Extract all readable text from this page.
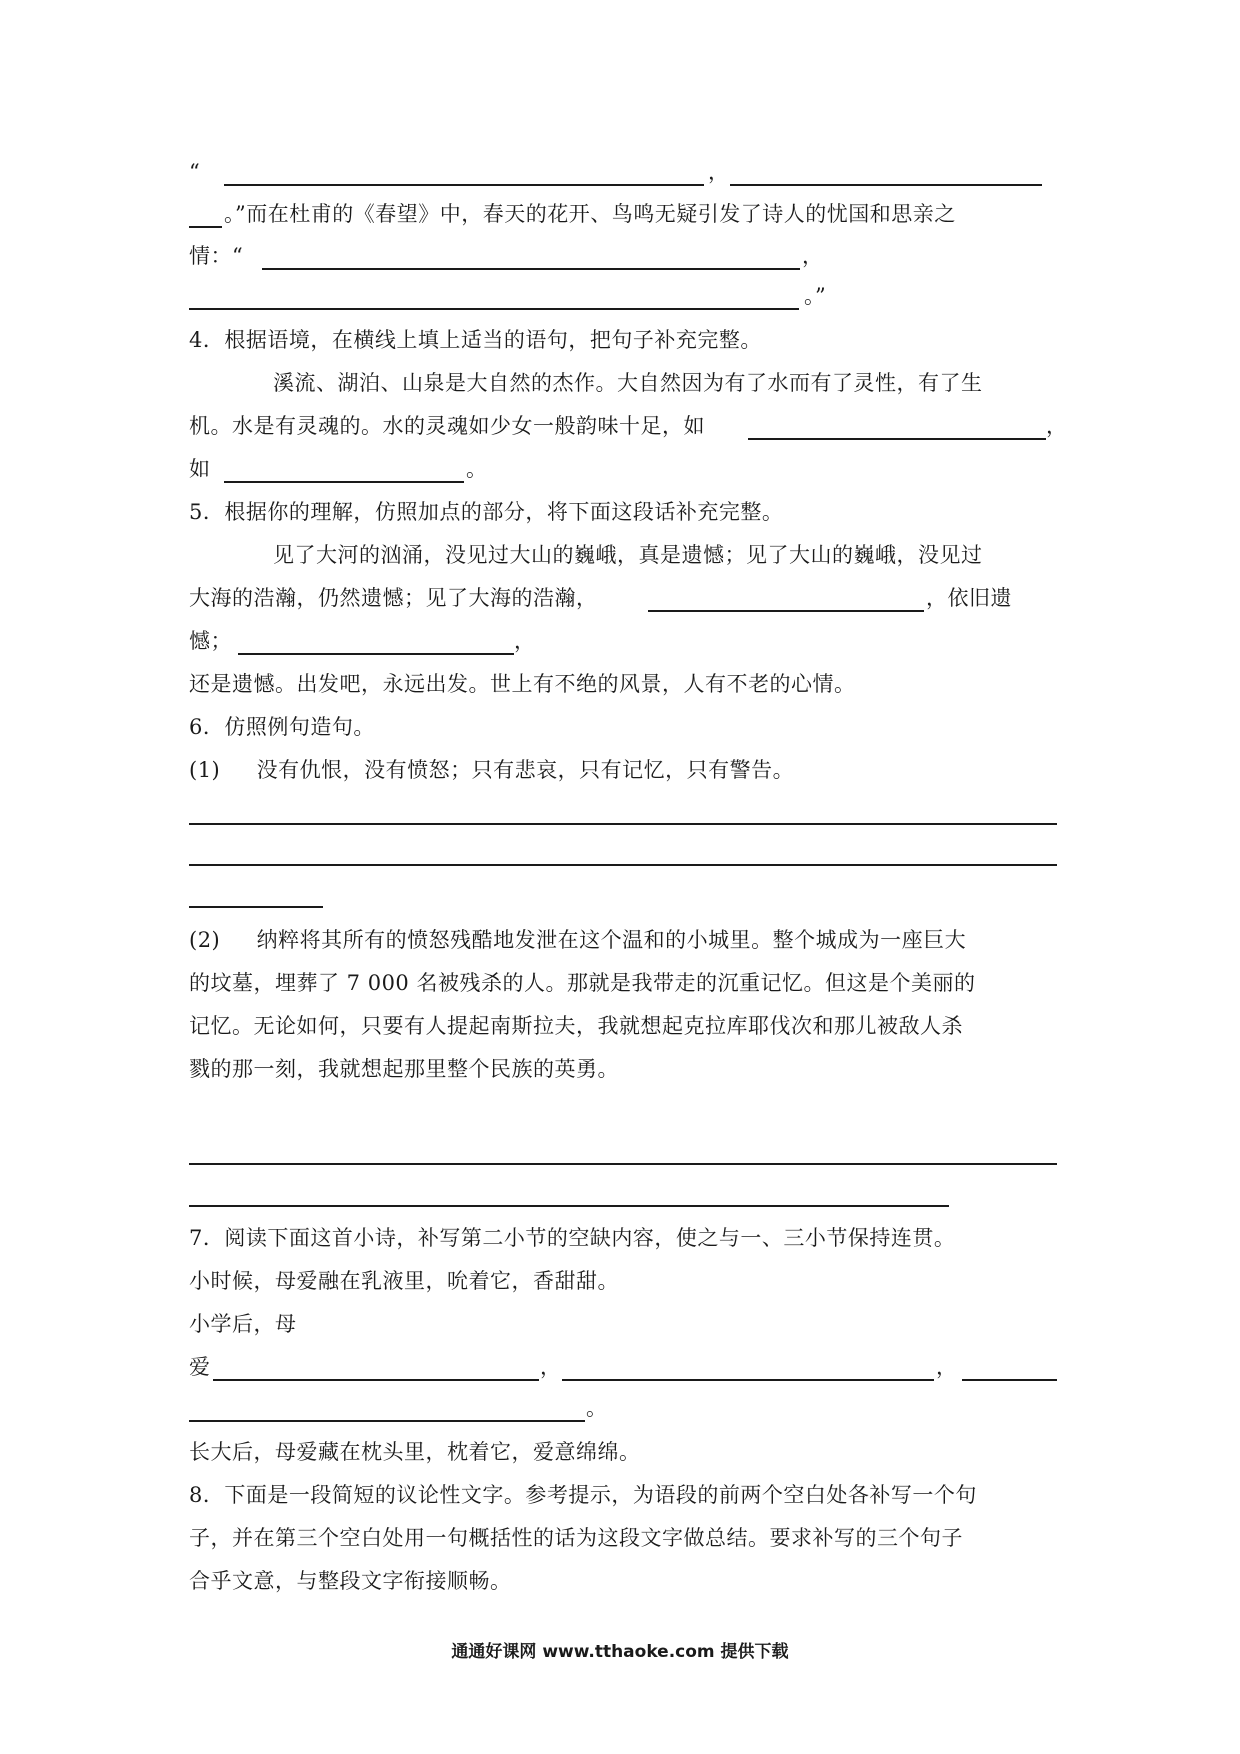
“	，
。”而在杜甫的《春望》中，春天的花开、鸟鸣无疑引发了诗人的忧国和思亲之
情：“	，
。”
4．根据语境，在横线上填上适当的语句，把句子补充完整。
溪流、湖泊、山泉是大自然的杰作。大自然因为有了水而有了灵性，有了生
机。水是有灵魂的。水的灵魂如少女一般韵味十足，如	，
如	。
5．根据你的理解，仿照加点的部分，将下面这段话补充完整。
见了大河的汹涌，没见过大山的巍峨，真是遗憾；见了大山的巍峨，没见过
大海的浩瀚，仍然遗憾；见了大海的浩瀚，	，依旧遗
憾；	，
还是遗憾。出发吧，永远出发。世上有不绝的风景，人有不老的心情。
6．仿照例句造句。
(1) 没有仇恨，没有愤怒；只有悲哀，只有记忆，只有警告。
(2) 纳粹将其所有的愤怒残酷地发泄在这个温和的小城里。整个城成为一座巨大
的坟墓，埋葬了 7 000 名被残杀的人。那就是我带走的沉重记忆。但这是个美丽的
记忆。无论如何，只要有人提起南斯拉夫，我就想起克拉库耶伐次和那儿被敌人杀
戮的那一刻，我就想起那里整个民族的英勇。
7．阅读下面这首小诗，补写第二小节的空缺内容，使之与一、三小节保持连贯。
小时候，母爱融在乳液里，吮着它，香甜甜。
小学后，母
爱	，	，
。
长大后，母爱藏在枕头里，枕着它，爱意绵绵。
8．下面是一段简短的议论性文字。参考提示，为语段的前两个空白处各补写一个句
子，并在第三个空白处用一句概括性的话为这段文字做总结。要求补写的三个句子
合乎文意，与整段文字衔接顺畅。
通通好课网 www.tthaoke.com 提供下载
